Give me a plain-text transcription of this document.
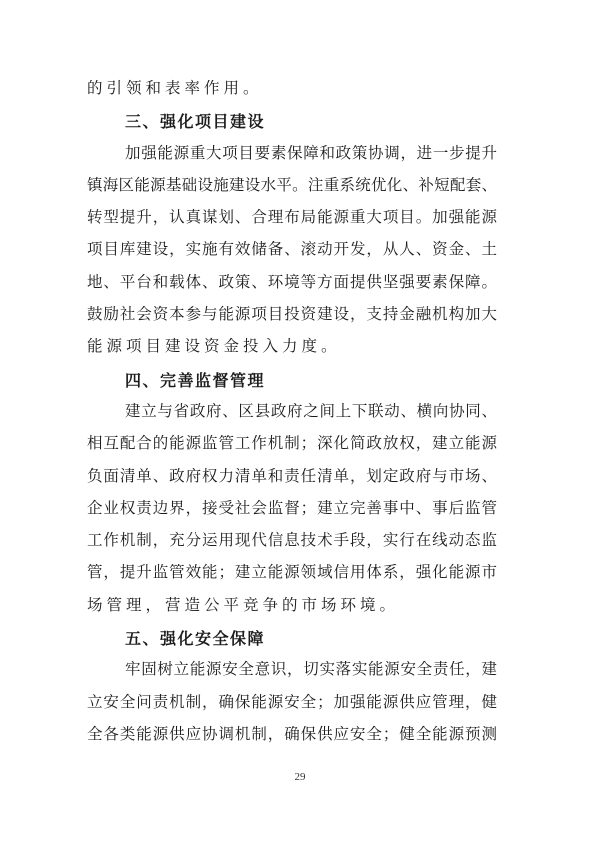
的引领和表率作用。
三、强化项目建设
加强能源重大项目要素保障和政策协调，进一步提升
镇海区能源基础设施建设水平。注重系统优化、补短配套、
转型提升，认真谋划、合理布局能源重大项目。加强能源
项目库建设，实施有效储备、滚动开发，从人、资金、土
地、平台和载体、政策、环境等方面提供坚强要素保障。
鼓励社会资本参与能源项目投资建设，支持金融机构加大
能源项目建设资金投入力度。
四、完善监督管理
建立与省政府、区县政府之间上下联动、横向协同、
相互配合的能源监管工作机制；深化简政放权，建立能源
负面清单、政府权力清单和责任清单，划定政府与市场、
企业权责边界，接受社会监督；建立完善事中、事后监管
工作机制，充分运用现代信息技术手段，实行在线动态监
管，提升监管效能；建立能源领域信用体系，强化能源市
场管理，营造公平竞争的市场环境。
五、强化安全保障
牢固树立能源安全意识，切实落实能源安全责任，建
立安全问责机制，确保能源安全；加强能源供应管理，健
全各类能源供应协调机制，确保供应安全；健全能源预测
29
